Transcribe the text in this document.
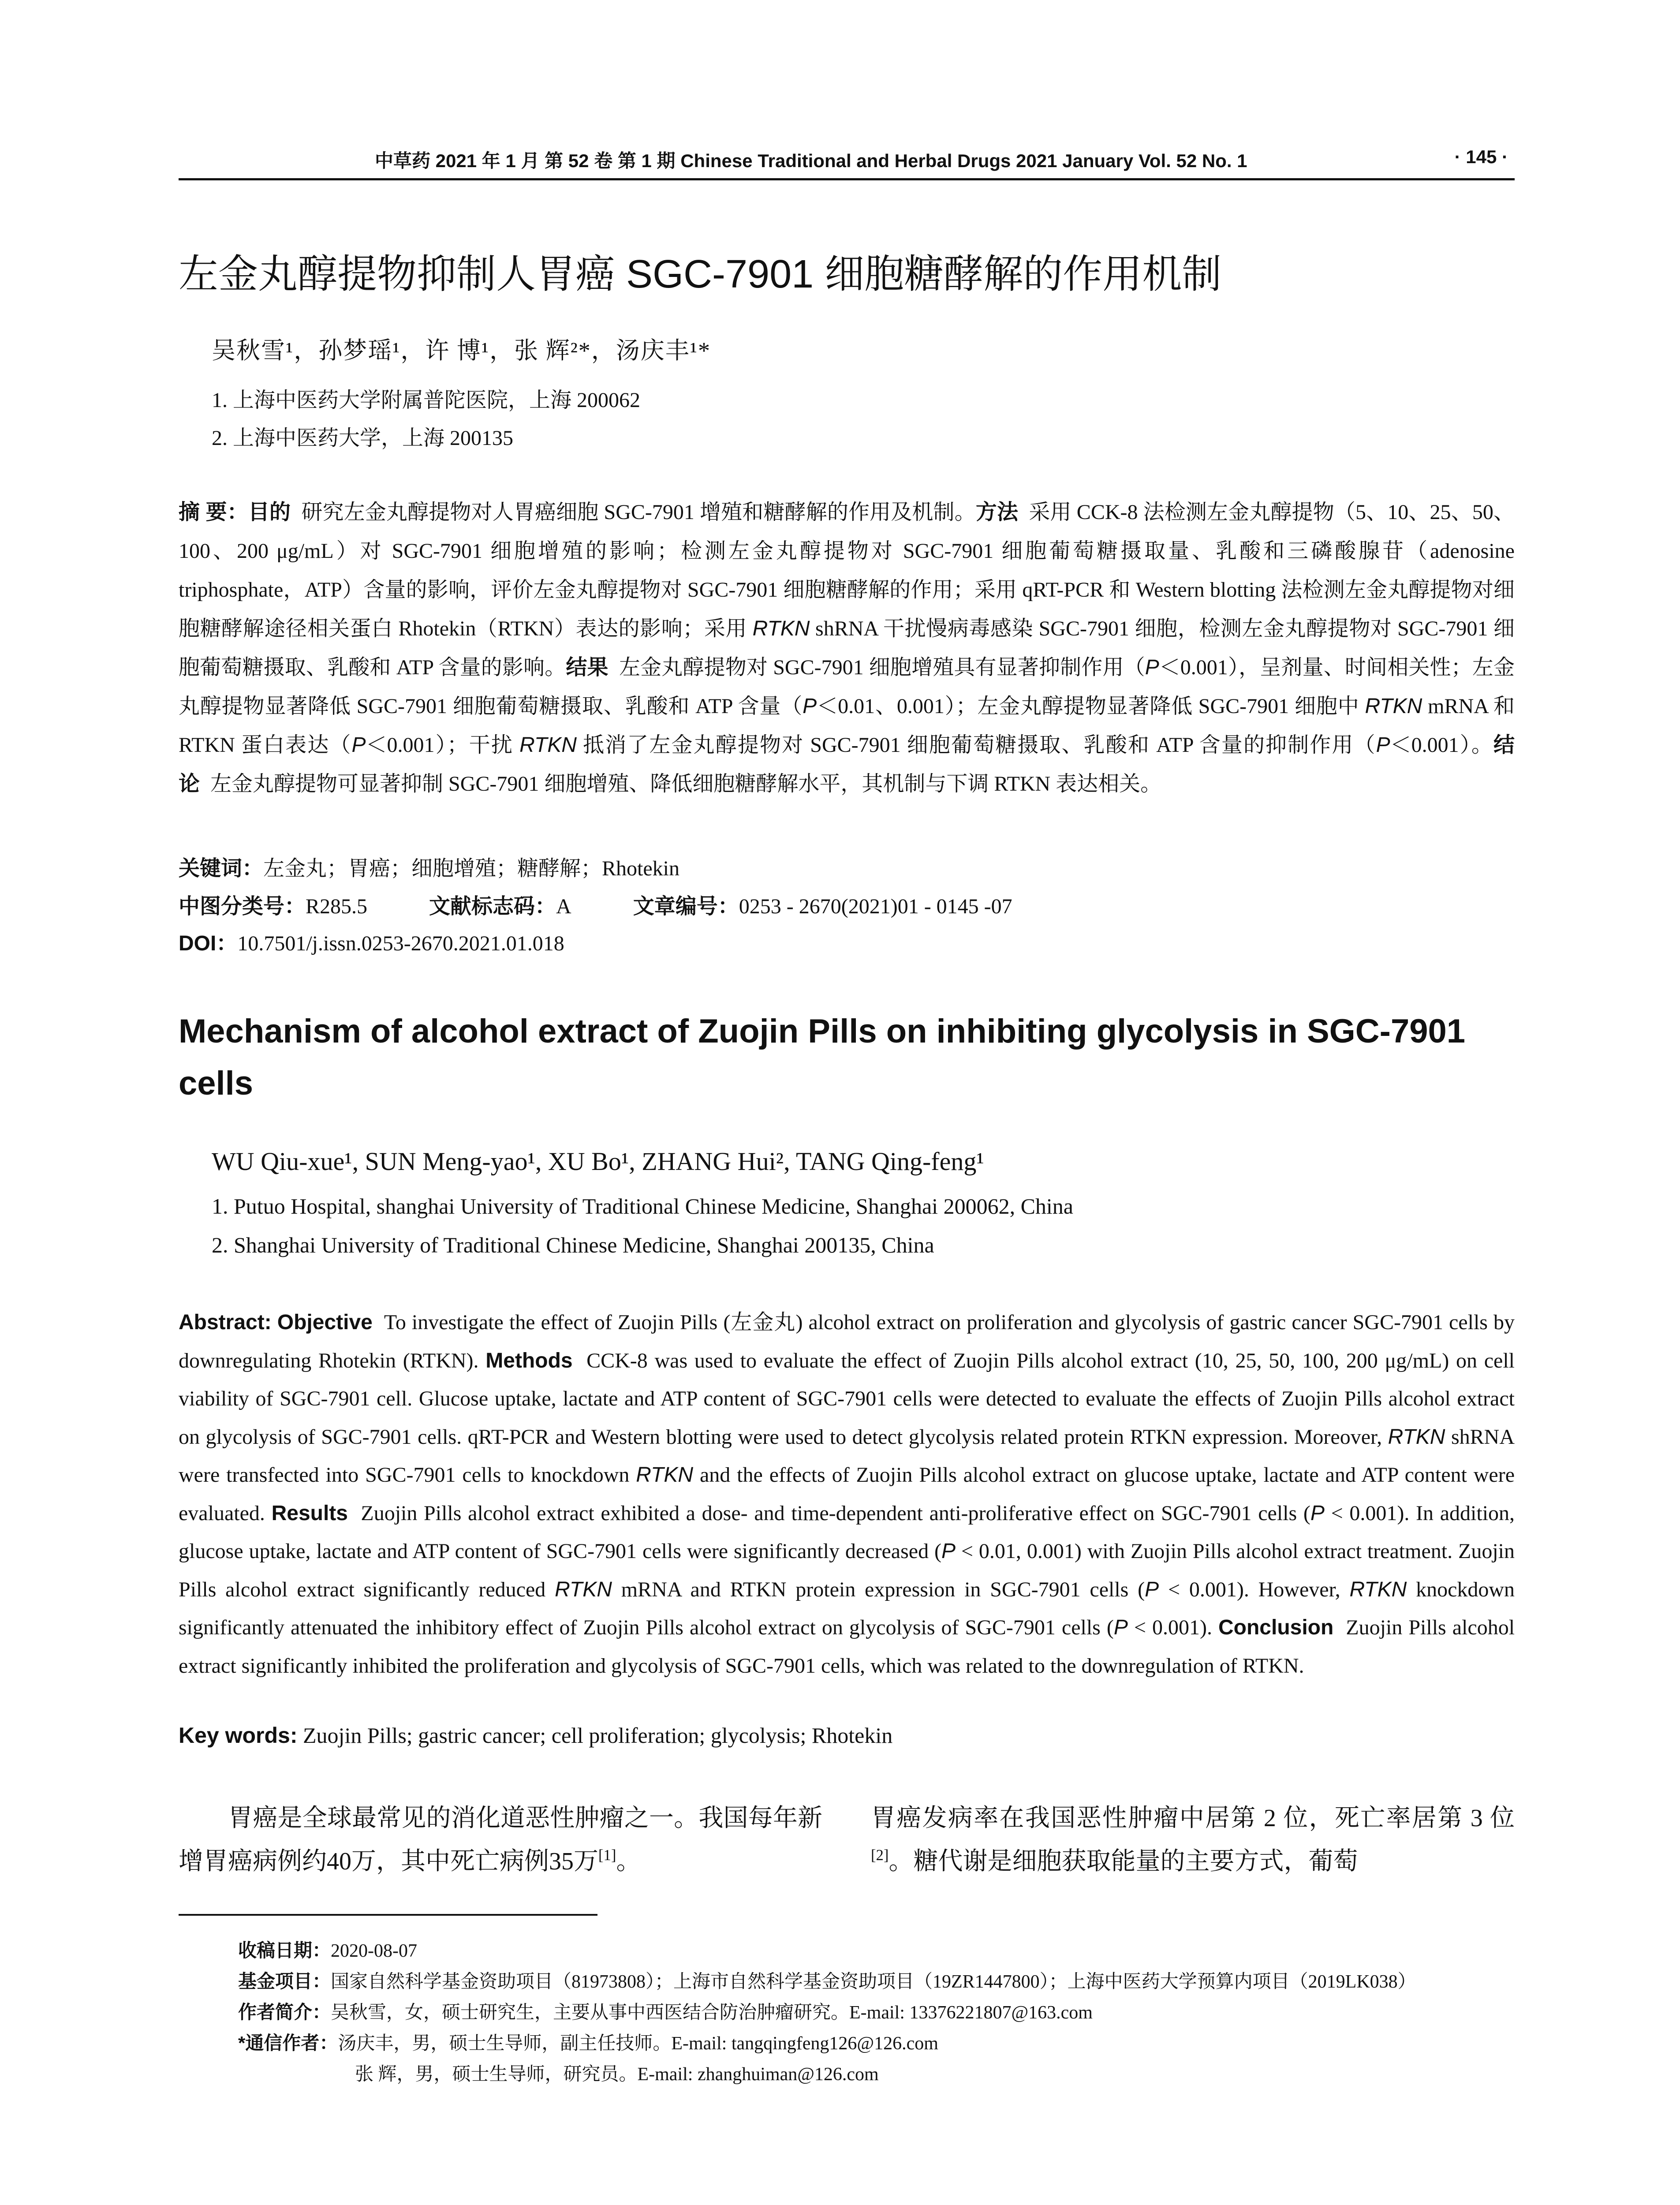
中草药 2021 年 1 月 第 52 卷 第 1 期 Chinese Traditional and Herbal Drugs 2021 January Vol. 52 No. 1	· 145 ·
左金丸醇提物抑制人胃癌 SGC-7901 细胞糖酵解的作用机制
吴秋雪¹，孙梦瑶¹，许 博¹，张 辉²*，汤庆丰¹*
1. 上海中医药大学附属普陀医院，上海 200062
2. 上海中医药大学，上海 200135
摘 要：目的 研究左金丸醇提物对人胃癌细胞 SGC-7901 增殖和糖酵解的作用及机制。方法 采用 CCK-8 法检测左金丸醇提物（5、10、25、50、100、200 μg/mL）对 SGC-7901 细胞增殖的影响；检测左金丸醇提物对 SGC-7901 细胞葡萄糖摄取量、乳酸和三磷酸腺苷（adenosine triphosphate，ATP）含量的影响，评价左金丸醇提物对 SGC-7901 细胞糖酵解的作用；采用 qRT-PCR 和 Western blotting 法检测左金丸醇提物对细胞糖酵解途径相关蛋白 Rhotekin（RTKN）表达的影响；采用 RTKN shRNA 干扰慢病毒感染 SGC-7901 细胞，检测左金丸醇提物对 SGC-7901 细胞葡萄糖摄取、乳酸和 ATP 含量的影响。结果 左金丸醇提物对 SGC-7901 细胞增殖具有显著抑制作用（P＜0.001），呈剂量、时间相关性；左金丸醇提物显著降低 SGC-7901 细胞葡萄糖摄取、乳酸和 ATP 含量（P＜0.01、0.001）；左金丸醇提物显著降低 SGC-7901 细胞中 RTKN mRNA 和 RTKN 蛋白表达（P＜0.001）；干扰 RTKN 抵消了左金丸醇提物对 SGC-7901 细胞葡萄糖摄取、乳酸和 ATP 含量的抑制作用（P＜0.001）。结论 左金丸醇提物可显著抑制 SGC-7901 细胞增殖、降低细胞糖酵解水平，其机制与下调 RTKN 表达相关。
关键词：左金丸；胃癌；细胞增殖；糖酵解；Rhotekin
中图分类号：R285.5	文献标志码：A	文章编号：0253 - 2670(2021)01 - 0145 -07
DOI：10.7501/j.issn.0253-2670.2021.01.018
Mechanism of alcohol extract of Zuojin Pills on inhibiting glycolysis in SGC-7901 cells
WU Qiu-xue¹, SUN Meng-yao¹, XU Bo¹, ZHANG Hui², TANG Qing-feng¹
1. Putuo Hospital, shanghai University of Traditional Chinese Medicine, Shanghai 200062, China
2. Shanghai University of Traditional Chinese Medicine, Shanghai 200135, China
Abstract: Objective To investigate the effect of Zuojin Pills (左金丸) alcohol extract on proliferation and glycolysis of gastric cancer SGC-7901 cells by downregulating Rhotekin (RTKN). Methods CCK-8 was used to evaluate the effect of Zuojin Pills alcohol extract (10, 25, 50, 100, 200 μg/mL) on cell viability of SGC-7901 cell. Glucose uptake, lactate and ATP content of SGC-7901 cells were detected to evaluate the effects of Zuojin Pills alcohol extract on glycolysis of SGC-7901 cells. qRT-PCR and Western blotting were used to detect glycolysis related protein RTKN expression. Moreover, RTKN shRNA were transfected into SGC-7901 cells to knockdown RTKN and the effects of Zuojin Pills alcohol extract on glucose uptake, lactate and ATP content were evaluated. Results Zuojin Pills alcohol extract exhibited a dose- and time-dependent anti-proliferative effect on SGC-7901 cells (P < 0.001). In addition, glucose uptake, lactate and ATP content of SGC-7901 cells were significantly decreased (P < 0.01, 0.001) with Zuojin Pills alcohol extract treatment. Zuojin Pills alcohol extract significantly reduced RTKN mRNA and RTKN protein expression in SGC-7901 cells (P < 0.001). However, RTKN knockdown significantly attenuated the inhibitory effect of Zuojin Pills alcohol extract on glycolysis of SGC-7901 cells (P < 0.001). Conclusion Zuojin Pills alcohol extract significantly inhibited the proliferation and glycolysis of SGC-7901 cells, which was related to the downregulation of RTKN.
Key words: Zuojin Pills; gastric cancer; cell proliferation; glycolysis; Rhotekin
胃癌是全球最常见的消化道恶性肿瘤之一。我国每年新增胃癌病例约40万，其中死亡病例35万[1]。
胃癌发病率在我国恶性肿瘤中居第 2 位，死亡率居第 3 位[2]。糖代谢是细胞获取能量的主要方式，葡萄
收稿日期：2020-08-07
基金项目：国家自然科学基金资助项目（81973808）；上海市自然科学基金资助项目（19ZR1447800）；上海中医药大学预算内项目（2019LK038）
作者简介：吴秋雪，女，硕士研究生，主要从事中西医结合防治肿瘤研究。E-mail: 13376221807@163.com
*通信作者：汤庆丰，男，硕士生导师，副主任技师。E-mail: tangqingfeng126@126.com
张 辉，男，硕士生导师，研究员。E-mail: zhanghuiman@126.com
